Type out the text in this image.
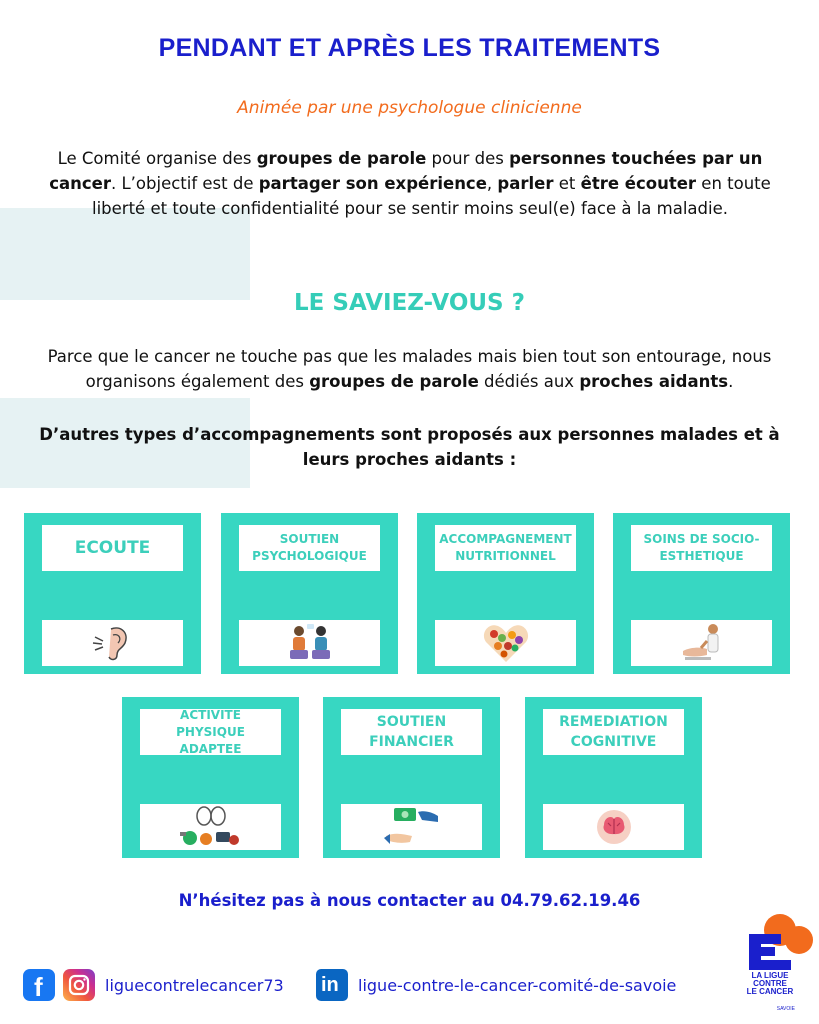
PENDANT ET APRÈS LES TRAITEMENTS
Animée par une psychologue clinicienne

Le Comité organise des groupes de parole pour des personnes touchées par un cancer. L’objectif est de partager son expérience, parler et être écouter en toute liberté et toute confidentialité pour se sentir moins seul(e) face à la maladie.

LE SAVIEZ-VOUS ?

Parce que le cancer ne touche pas que les malades mais bien tout son entourage, nous organisons également des groupes de parole dédiés aux proches aidants.

D’autres types d’accompagnements sont proposés aux personnes malades et à leurs proches aidants :

ECOUTE	SOUTIEN PSYCHOLOGIQUE
ACCOMPAGNEMENT NUTRITIONNEL
SOINS DE SOCIO-ESTHETIQUE
ACTIVITE PHYSIQUE ADAPTEE
SOUTIEN FINANCIER
REMEDIATION COGNITIVE
N’hésitez pas à nous contacter au 04.79.62.19.46
f	liguecontrelecancer73 in ligue-contre-le-cancer-comité-de-savoie	LA LIGUE
CONTRE
LE CANCER
SAVOIE
